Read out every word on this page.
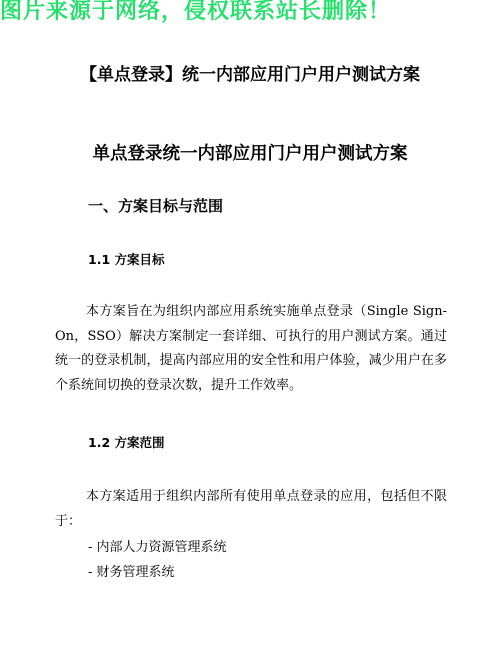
图片来源于网络，侵权联系站长删除！
【单点登录】统一内部应用门户用户测试方案
单点登录统一内部应用门户用户测试方案
一、方案目标与范围
1.1 方案目标
本方案旨在为组织内部应用系统实施单点登录（Single Sign-On，SSO）解决方案制定一套详细、可执行的用户测试方案。通过统一的登录机制，提高内部应用的安全性和用户体验，减少用户在多个系统间切换的登录次数，提升工作效率。
1.2 方案范围
本方案适用于组织内部所有使用单点登录的应用，包括但不限于：
- 内部人力资源管理系统
- 财务管理系统
